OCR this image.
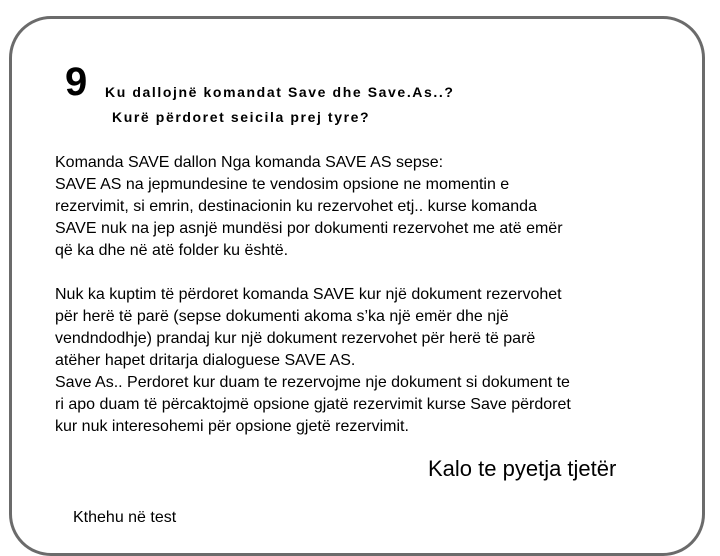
9 Ku dallojnë komandat Save dhe Save.As..?
Kurë përdoret seicila prej tyre?

Komanda SAVE dallon Nga komanda SAVE AS sepse:

SAVE AS na jepmundesine te vendosim opsione ne momentin e

rezervimit, si emrin, destinacionin ku rezervohet etj.. kurse komanda

SAVE nuk na jep asnjë mundësi por dokumenti rezervohet me atë emër

që ka dhe në atë folder ku është.

Nuk ka kuptim të përdoret komanda SAVE kur një dokument rezervohet

për herë të parë (sepse dokumenti akoma s’ka një emër dhe një

vendndodhje) prandaj kur një dokument rezervohet për herë të parë

atëher hapet dritarja dialoguese SAVE AS.

Save As.. Perdoret kur duam te rezervojme nje dokument si dokument te

ri apo duam të përcaktojmë opsione gjatë rezervimit kurse Save përdoret

kur nuk interesohemi për opsione gjetë rezervimit.

Kalo te pyetja tjetër
Kthehu në test
